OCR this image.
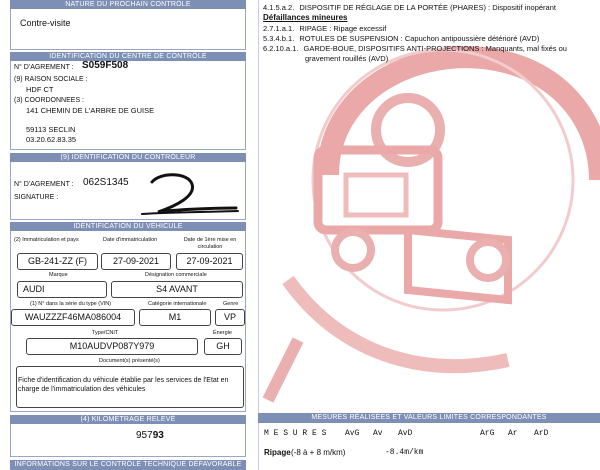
NATURE DU PROCHAIN CONTRÔLE
Contre-visite
IDENTIFICATION DU CENTRE DE CONTRÔLE
N° D'AGREMENT : S059F508
(9) RAISON SOCIALE :
HDF CT
(3) COORDONNEES :
141 CHEMIN DE L'ARBRE DE GUISE
59113 SECLIN
03.20.62.83.35
(9) IDENTIFICATION DU CONTRÔLEUR
N° D'AGREMENT : 062S1345
SIGNATURE :
IDENTIFICATION DU VÉHICULE
(2) Immatriculation et pays	Date d'immatriculation	Date de 1ère mise en circulation
GB-241-ZZ (F)	27-09-2021	27-09-2021
Marque	Désignation commerciale
AUDI	S4 AVANT
(1) N° dans la série du type (VIN)	Catégorie internationale	Genre
WAUZZZF46MA086004	M1	VP
Type/CNIT	Énergie
M10AUDVP087Y979	GH
Document(s) présenté(s)
Fiche d'identification du véhicule établie par les services de l'Etat en charge de l'immatriculation des véhicules
(4) KILOMÉTRAGE RELEVÉ
95793
INFORMATIONS SUR LE CONTRÔLE TECHNIQUE DÉFAVORABLE
4.1.5.a.2. DISPOSITIF DE RÉGLAGE DE LA PORTÉE (PHARES) : Dispositif inopérant
Défaillances mineures
2.7.1.a.1. RIPAGE : Ripage excessif
5.3.4.b.1. ROTULES DE SUSPENSION : Capuchon antipoussière détérioré (AVD)
6.2.10.a.1. GARDE-BOUE, DISPOSITIFS ANTI-PROJECTIONS : Manquants, mal fixés ou
gravement rouillés (AVD)
MESURES RÉALISÉES ET VALEURS LIMITES CORRESPONDANTES
M E S U R E S AvG Av AvD	ArG Ar ArD
Ripage (-8 à + 8 m/km)	-8.4m/km
